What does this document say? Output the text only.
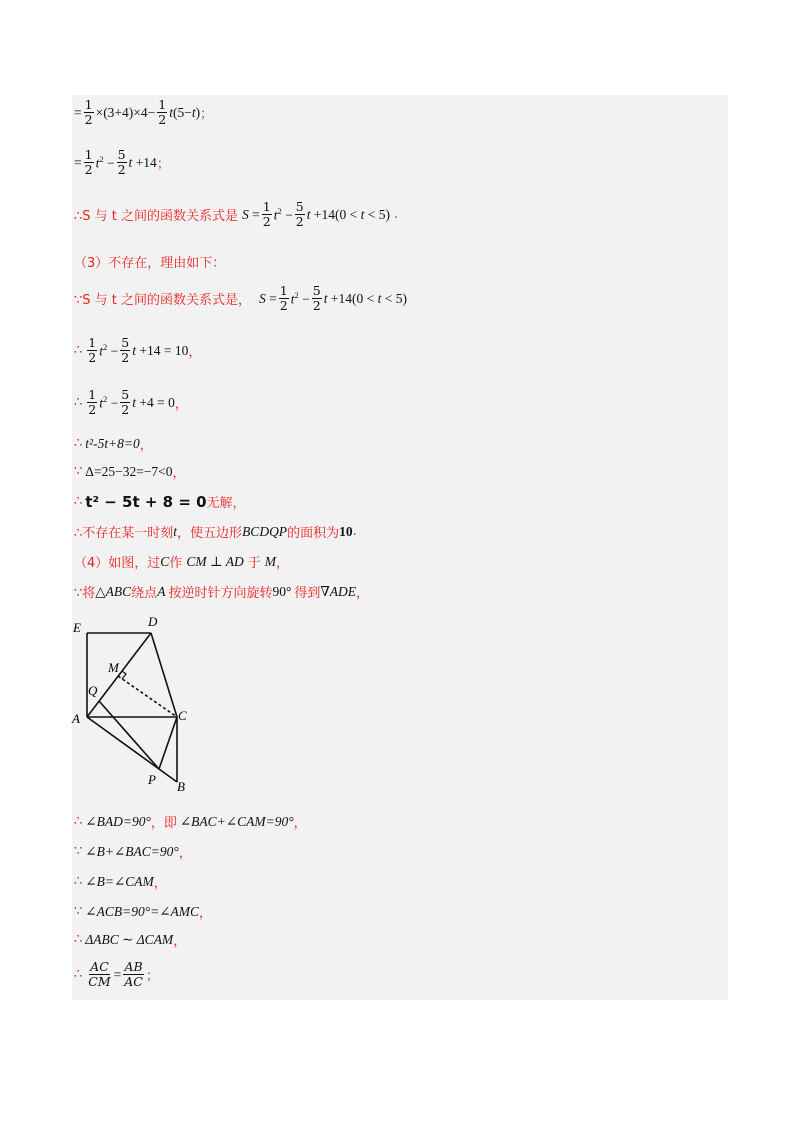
= $\frac{1}{2} \times(3+4)\times 4- \frac{1}{2} t(5-t)$ ；
= $\frac{1}{2} t^2 - \frac{5}{2}$ t +14 ；
∴S 与 t 之间的函数关系式是 $S = \frac{1}{2} t^2 - \frac{5}{2}$ t +14(0 < t < 5) .
（3）不存在，理由如下：
∵S 与 t 之间的函数关系式是， $S = \frac{1}{2} t^2 - \frac{5}{2}$ t +14(0 < t < 5)
∴ $\frac{1}{2} t^2 - \frac{5}{2}$ t +14 = 10 ，
∴ $\frac{1}{2} t^2 - \frac{5}{2}$ t +4 = 0 ，
∴ t²-5t+8=0 ，
∵ Δ=25−32=−7<0 ，
∴ t² − 5t + 8 = 0 无解，
∴不存在某一时刻 t ，使五边形 BCDQP 的面积为 10 .
（4）如图，过 C 作 CM ⊥ AD 于 M ，
∵将 △ABC 绕点 A 按逆时针方向旋转 90° 得到 ∇ADE ，
E	D
M
Q
A	C
P B
∴ ∠BAD=90° ，即 ∠BAC+∠CAM=90° ，
∵ ∠B+∠BAC=90° ，
∴ ∠B=∠CAM ，
∵ ∠ACB=90°=∠AMC ，
∴ ΔABC ∼ ΔCAM ，
∴ $\frac{AC}{CM} = \frac{AB}{AC}$ ；
